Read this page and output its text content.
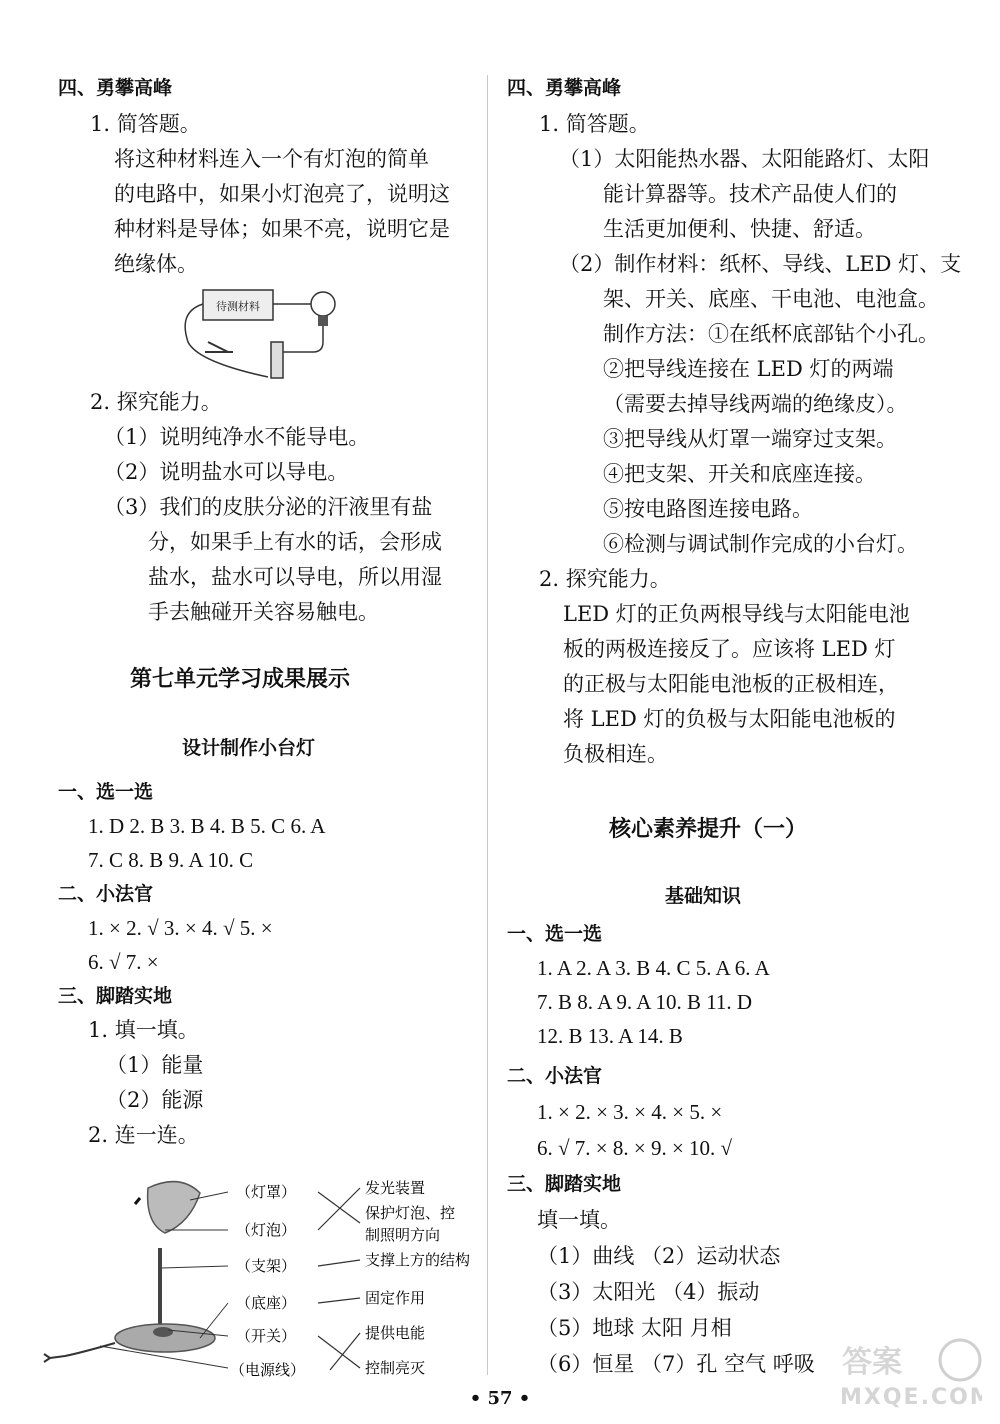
四、勇攀高峰
1. 简答题。
将这种材料连入一个有灯泡的简单
的电路中，如果小灯泡亮了，说明这
种材料是导体；如果不亮，说明它是
绝缘体。
待测材料
2. 探究能力。
（1）说明纯净水不能导电。
（2）说明盐水可以导电。
（3）我们的皮肤分泌的汗液里有盐
分，如果手上有水的话，会形成
盐水，盐水可以导电，所以用湿
手去触碰开关容易触电。
第七单元学习成果展示
设计制作小台灯
一、选一选
1. D 2. B 3. B 4. B 5. C 6. A
7. C 8. B 9. A 10. C
二、小法官
1. × 2. √ 3. × 4. √ 5. ×
6. √ 7. ×
三、脚踏实地
1. 填一填。
（1）能量
（2）能源
2. 连一连。
（灯罩）
（灯泡）
（支架）
（底座）
（开关）
（电源线）
发光装置
保护灯泡、控
制照明方向
支撑上方的结构
固定作用
提供电能
控制亮灭
四、勇攀高峰
1. 简答题。
（1）太阳能热水器、太阳能路灯、太阳
能计算器等。技术产品使人们的
生活更加便利、快捷、舒适。
（2）制作材料：纸杯、导线、LED 灯、支
架、开关、底座、干电池、电池盒。
制作方法：①在纸杯底部钻个小孔。
②把导线连接在 LED 灯的两端
（需要去掉导线两端的绝缘皮）。
③把导线从灯罩一端穿过支架。
④把支架、开关和底座连接。
⑤按电路图连接电路。
⑥检测与调试制作完成的小台灯。
2. 探究能力。
LED 灯的正负两根导线与太阳能电池
板的两极连接反了。应该将 LED 灯
的正极与太阳能电池板的正极相连，
将 LED 灯的负极与太阳能电池板的
负极相连。
核心素养提升（一）
基础知识
一、选一选
1. A 2. A 3. B 4. C 5. A 6. A
7. B 8. A 9. A 10. B 11. D
12. B 13. A 14. B
二、小法官
1. × 2. × 3. × 4. × 5. ×
6. √ 7. × 8. × 9. × 10. √
三、脚踏实地
填一填。
（1）曲线 （2）运动状态
（3）太阳光 （4）振动
（5）地球 太阳 月相
（6）恒星 （7）孔 空气 呼吸 答案
MXQE.COM
• 57 •
